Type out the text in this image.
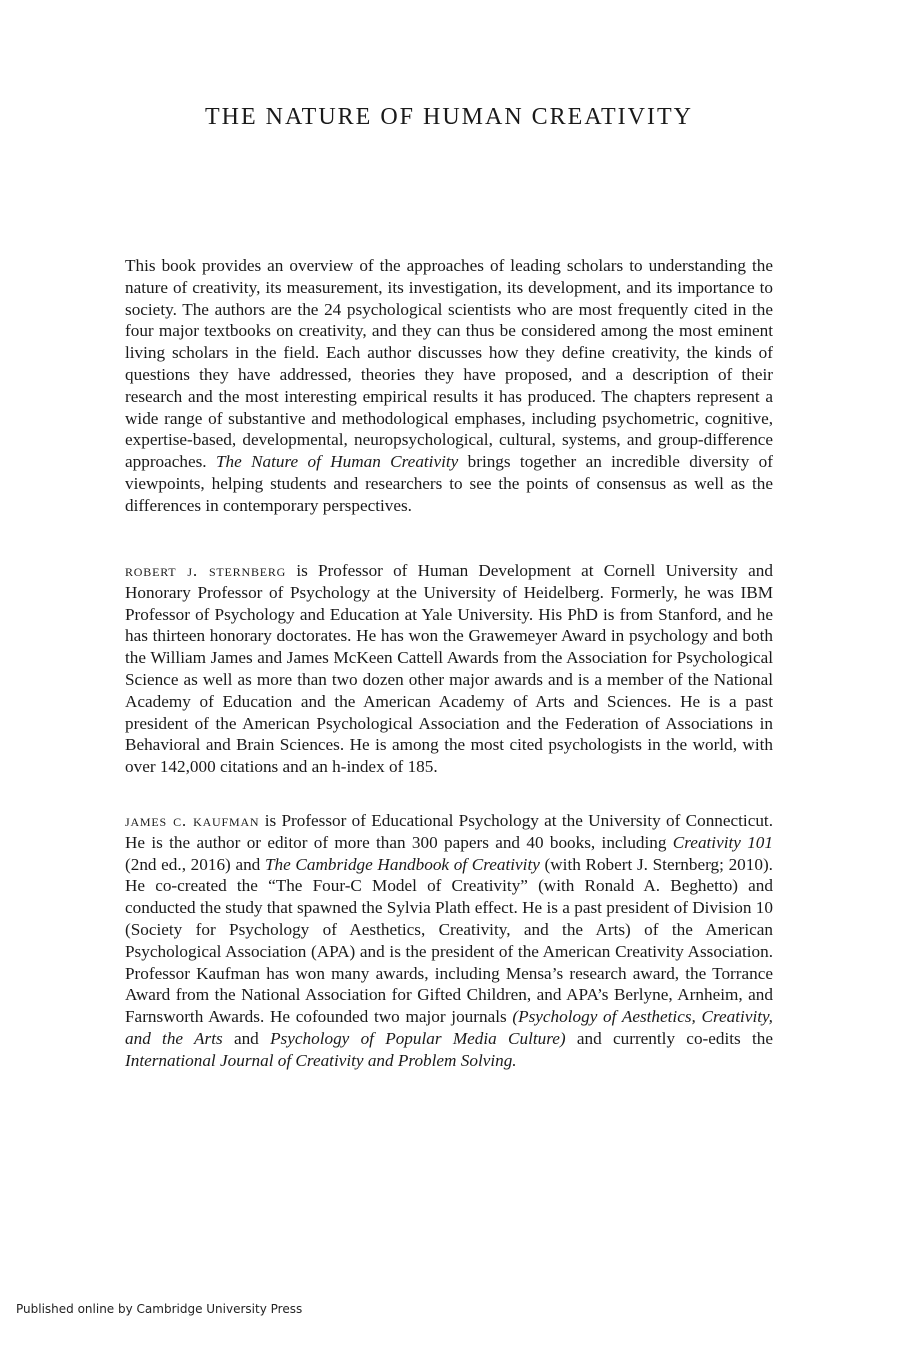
THE NATURE OF HUMAN CREATIVITY

This book provides an overview of the approaches of leading scholars to understanding the nature of creativity, its measurement, its investigation, its development, and its importance to society. The authors are the 24 psychological scientists who are most frequently cited in the four major textbooks on creativity, and they can thus be considered among the most eminent living scholars in the field. Each author discusses how they define creativity, the kinds of questions they have addressed, theories they have proposed, and a description of their research and the most interesting empirical results it has produced. The chapters represent a wide range of substantive and methodological emphases, including psychometric, cognitive, expertise-based, developmental, neuropsychological, cultural, systems, and group-difference approaches. The Nature of Human Creativity brings together an incredible diversity of viewpoints, helping students and researchers to see the points of consensus as well as the differences in contemporary perspectives.

robert j. sternberg is Professor of Human Development at Cornell University and Honorary Professor of Psychology at the University of Heidelberg. Formerly, he was IBM Professor of Psychology and Education at Yale University. His PhD is from Stanford, and he has thirteen honorary doctorates. He has won the Grawemeyer Award in psychology and both the William James and James McKeen Cattell Awards from the Association for Psychological Science as well as more than two dozen other major awards and is a member of the National Academy of Education and the American Academy of Arts and Sciences. He is a past president of the American Psychological Association and the Federation of Associations in Behavioral and Brain Sciences. He is among the most cited psychologists in the world, with over 142,000 citations and an h-index of 185.

james c. kaufman is Professor of Educational Psychology at the University of Connecticut. He is the author or editor of more than 300 papers and 40 books, including Creativity 101 (2nd ed., 2016) and The Cambridge Handbook of Creativity (with Robert J. Sternberg; 2010). He co-created the “The Four-C Model of Creativity” (with Ronald A. Beghetto) and conducted the study that spawned the Sylvia Plath effect. He is a past president of Division 10 (Society for Psychology of Aesthetics, Creativity, and the Arts) of the American Psychological Association (APA) and is the president of the American Creativity Association. Professor Kaufman has won many awards, including Mensa’s research award, the Torrance Award from the National Association for Gifted Children, and APA’s Berlyne, Arnheim, and Farnsworth Awards. He cofounded two major journals (Psychology of Aesthetics, Creativity, and the Arts and Psychology of Popular Media Culture) and currently co-edits the International Journal of Creativity and Problem Solving.

Published online by Cambridge University Press
